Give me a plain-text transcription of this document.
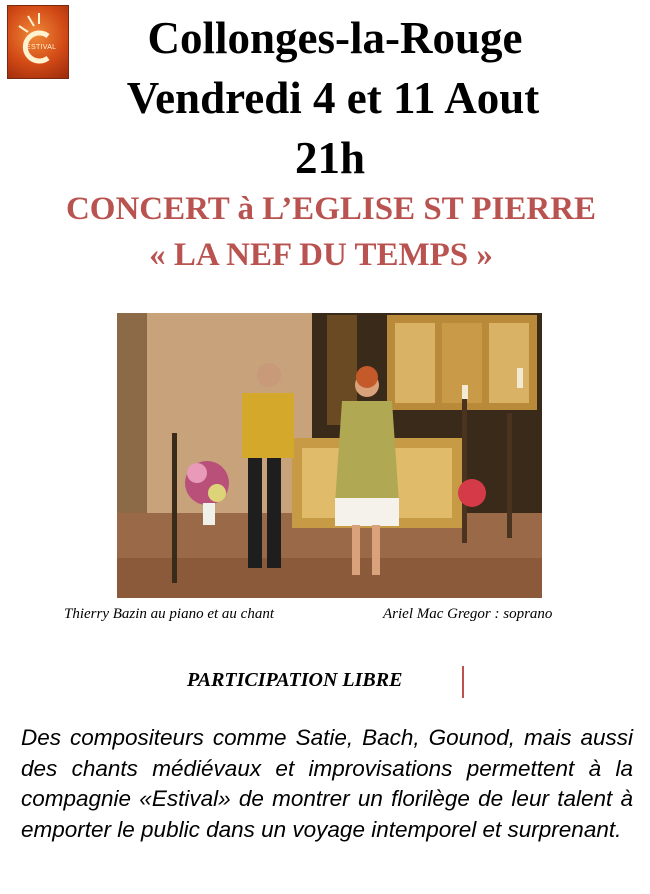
ESTIVAL	Collonges-la-Rouge
Vendredi 4 et 11 Aout
21h
CONCERT à L’EGLISE ST PIERRE
« LA NEF DU TEMPS »
Thierry Bazin au piano et au chant	Ariel Mac Gregor : soprano
PARTICIPATION LIBRE
Des compositeurs comme Satie, Bach, Gounod, mais aussi des chants médiévaux et improvisations permettent à la compagnie «Estival» de montrer un florilège de leur talent à emporter le public dans un voyage intemporel et surprenant.
